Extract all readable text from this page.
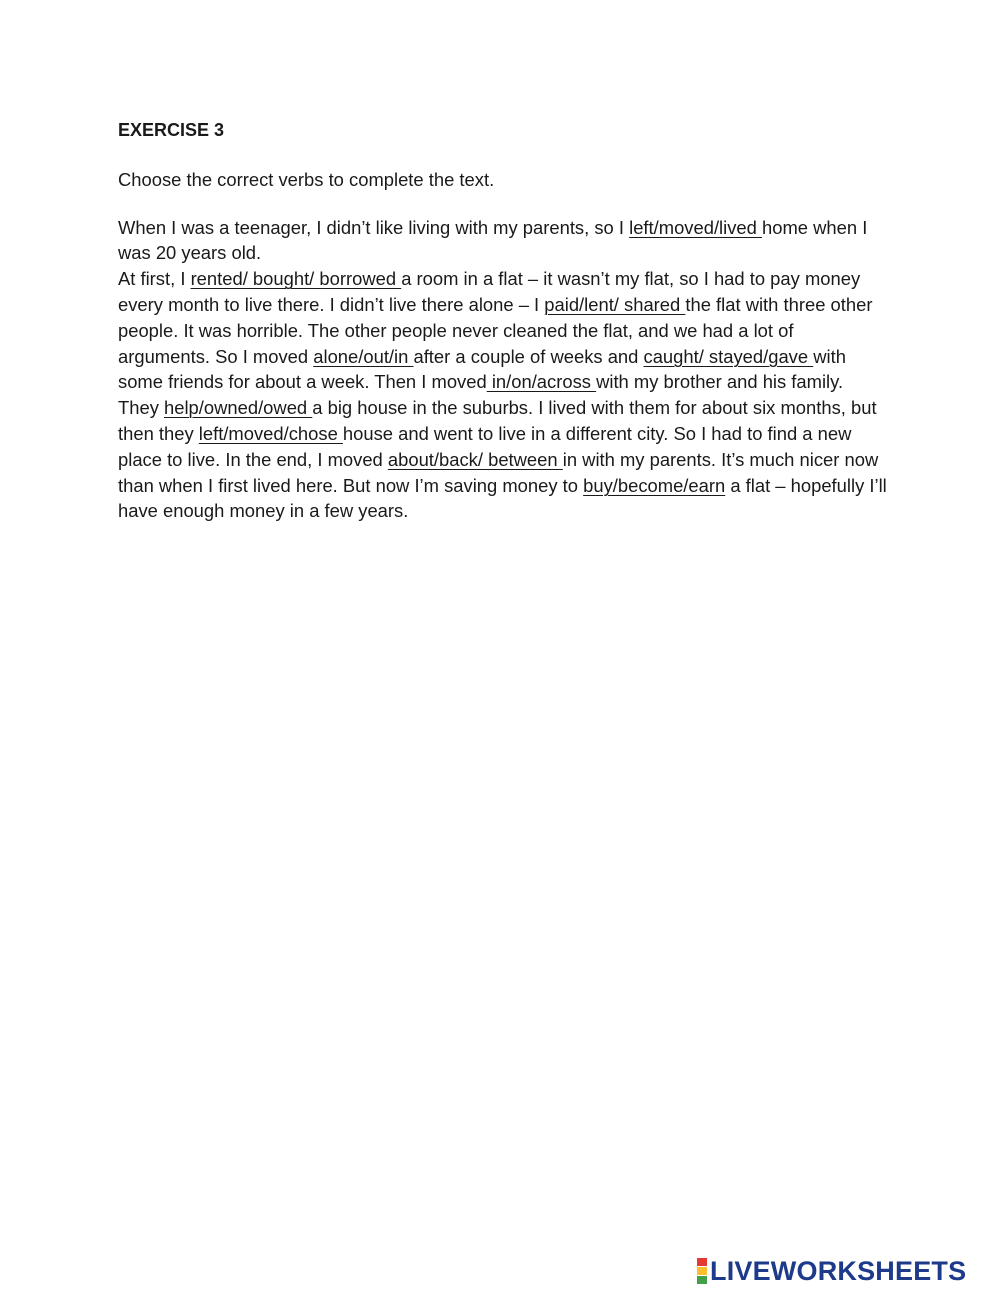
EXERCISE 3
Choose the correct verbs to complete the text.

When I was a teenager, I didn’t like living with my parents, so I left/moved/lived home when I was 20 years old.

At first, I rented/ bought/ borrowed a room in a flat – it wasn’t my flat, so I had to pay money every month to live there. I didn’t live there alone – I paid/lent/ shared the flat with three other people. It was horrible. The other people never cleaned the flat, and we had a lot of arguments. So I moved alone/out/in after a couple of weeks and caught/ stayed/gave with some friends for about a week. Then I moved in/on/across with my brother and his family. They help/owned/owed a big house in the suburbs. I lived with them for about six months, but then they left/moved/chose house and went to live in a different city. So I had to find a new place to live. In the end, I moved about/back/ between in with my parents. It’s much nicer now than when I first lived here. But now I’m saving money to buy/become/earn a flat – hopefully I’ll have enough money in a few years.

LIVEWORKSHEETS
